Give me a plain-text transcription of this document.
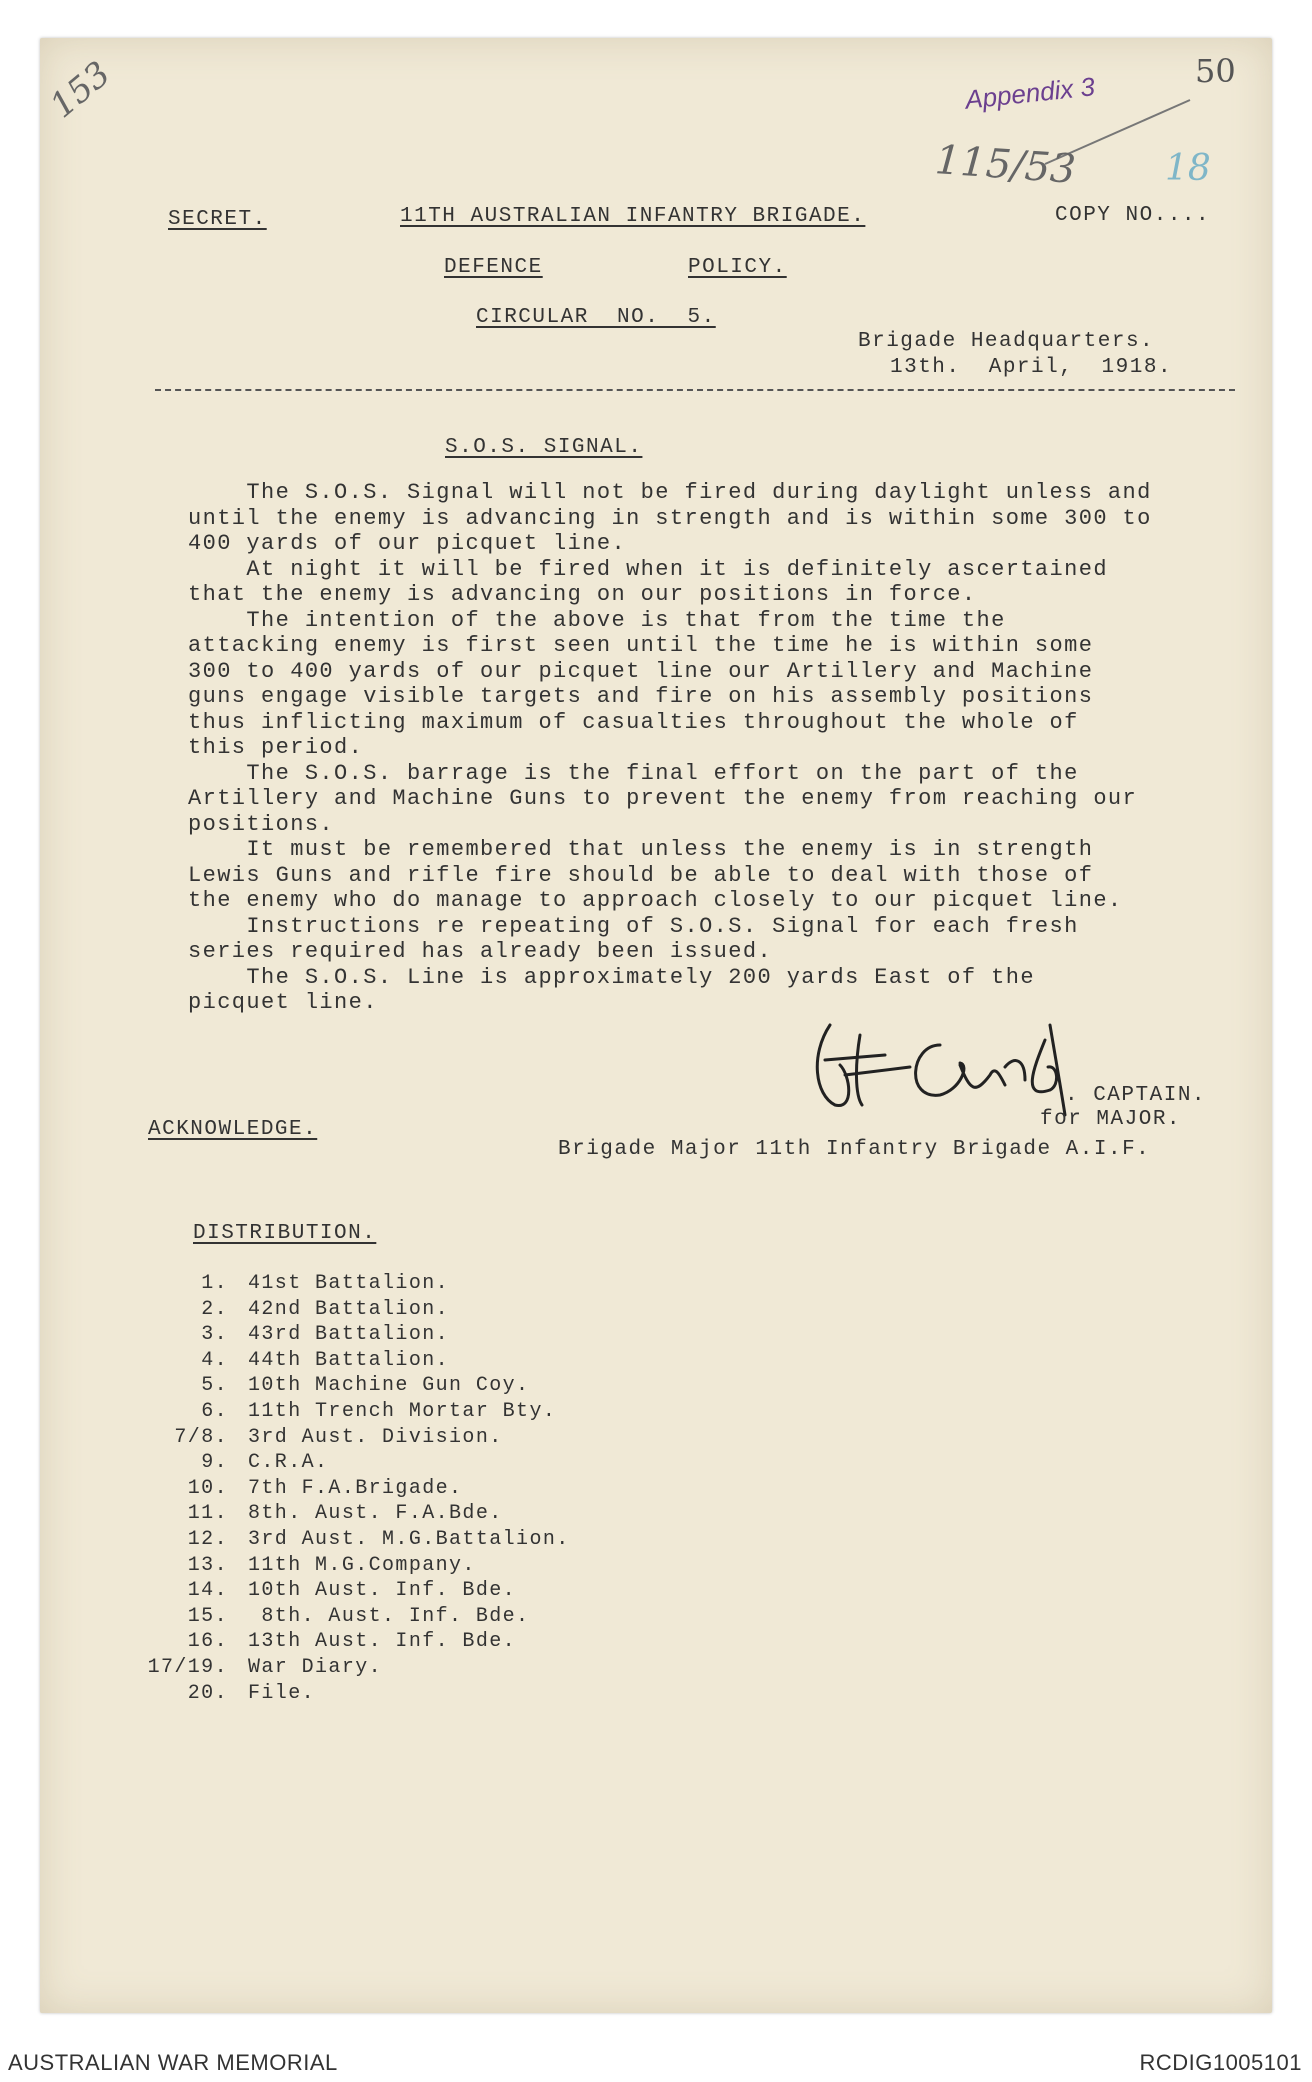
153	50
Appendix 3
115/53 18
SECRET.	11TH AUSTRALIAN INFANTRY BRIGADE.	COPY NO....
DEFENCE	POLICY.
CIRCULAR  NO.  5.
Brigade Headquarters.
13th.  April,  1918.
S.O.S. SIGNAL.
The S.O.S. Signal will not be fired during daylight unless and
until the enemy is advancing in strength and is within some 300 to
400 yards of our picquet line.
At night it will be fired when it is definitely ascertained
that the enemy is advancing on our positions in force.
The intention of the above is that from the time the
attacking enemy is first seen until the time he is within some
300 to 400 yards of our picquet line our Artillery and Machine
guns engage visible targets and fire on his assembly positions
thus inflicting maximum of casualties throughout the whole of
this period.
The S.O.S. barrage is the final effort on the part of the
Artillery and Machine Guns to prevent the enemy from reaching our
positions.
It must be remembered that unless the enemy is in strength
Lewis Guns and rifle fire should be able to deal with those of
the enemy who do manage to approach closely to our picquet line.
Instructions re repeating of S.O.S. Signal for each fresh
series required has already been issued.
The S.O.S. Line is approximately 200 yards East of the
picquet line.
. CAPTAIN.
for MAJOR.
ACKNOWLEDGE.
Brigade Major 11th Infantry Brigade A.I.F.
DISTRIBUTION.
1.	41st Battalion.
2.	42nd Battalion.
3.	43rd Battalion.
4.	44th Battalion.
5.	10th Machine Gun Coy.
6.	11th Trench Mortar Bty.
7/8.	3rd Aust. Division.
9.	C.R.A.
10.	7th F.A.Brigade.
11.	8th. Aust. F.A.Bde.
12.	3rd Aust. M.G.Battalion.
13.	11th M.G.Company.
14.	10th Aust. Inf. Bde.
15.	8th. Aust. Inf. Bde.
16.	13th Aust. Inf. Bde.
17/19.	War Diary.
20.	File.
AUSTRALIAN WAR MEMORIAL	RCDIG1005101
